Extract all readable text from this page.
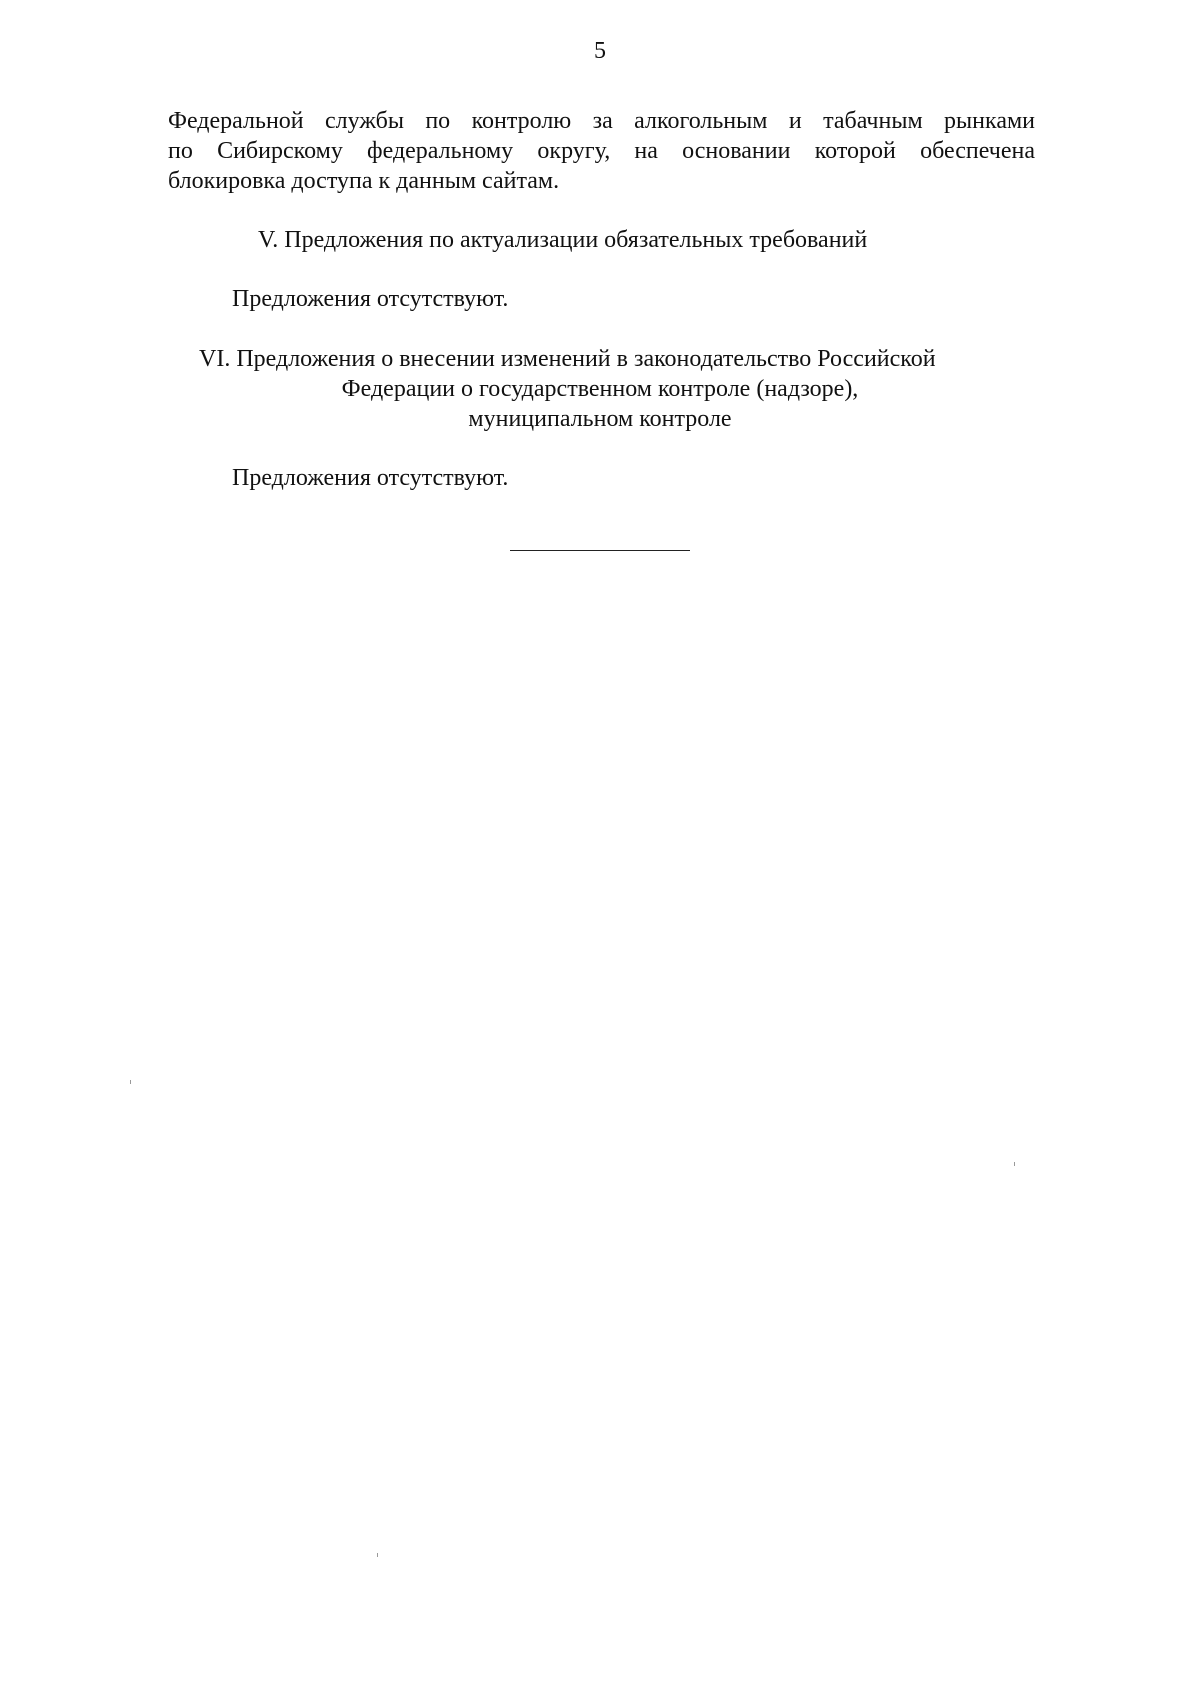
5
Федеральной службы по контролю за алкогольным и табачным рынками
по Сибирскому федеральному округу, на основании которой обеспечена
блокировка доступа к данным сайтам.
V. Предложения по актуализации обязательных требований
Предложения отсутствуют.
VI. Предложения о внесении изменений в законодательство Российской
Федерации о государственном контроле (надзоре),
муниципальном контроле
Предложения отсутствуют.
